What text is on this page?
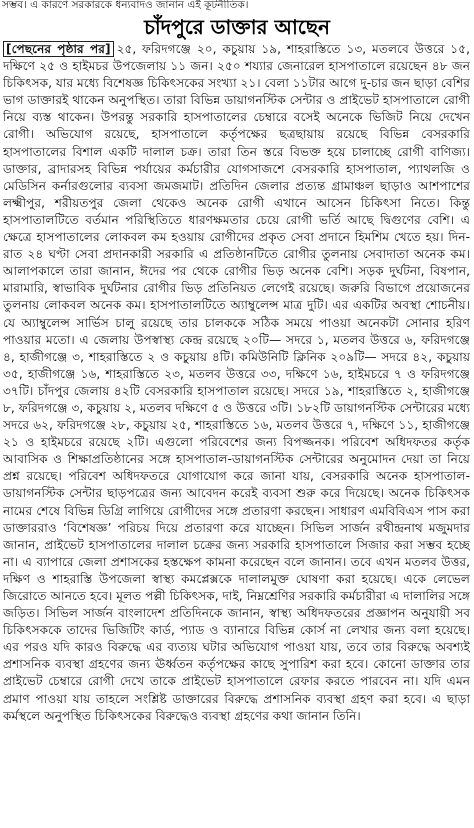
সম্ভব। এ কারণে সরকারকে ধন্যবাদও জানান এই কূটনীতিক।
চাঁদপুরে ডাক্তার আছেন

[পেছনের পৃষ্ঠার পর] ২৫, ফরিদগঞ্জে ২০, কচুয়ায় ১৯, শাহরাস্তিতে ১৩, মতলবে উত্তরে ১৫, দক্ষিণে ২৫ ও হাইমচর উপজেলায় ১১ জন। ২৫০ শয্যার জেনারেল হাসপাতালে রয়েছেন ৪৮ জন চিকিৎসক, যার মধ্যে বিশেষজ্ঞ চিকিৎসকের সংখ্যা ২১। বেলা ১১টার আগে দু-চার জন ছাড়া বেশির ভাগ ডাক্তারই থাকেন অনুপস্থিত। তারা বিভিন্ন ডায়াগনস্টিক সেন্টার ও প্রাইভেট হাসপাতালে রোগী নিয়ে ব্যস্ত থাকেন। উপরন্তু সরকারি হাসপাতালের চেম্বারে বসেই অনেকে ভিজিট নিয়ে দেখেন রোগী। অভিযোগ রয়েছে, হাসপাতালে কর্তৃপক্ষের ছত্রছায়ায় রয়েছে বিভিন্ন বেসরকারি হাসপাতালের বিশাল একটি দালাল চক্র। তারা তিন স্তরে বিভক্ত হয়ে চালাচ্ছে রোগী বাণিজ্য। ডাক্তার, ব্রাদারসহ বিভিন্ন পর্যায়ের কর্মচারীর যোগসাজশে বেসরকারি হাসপাতাল, প্যাথলজি ও মেডিসিন কর্নারগুলোর ব্যবসা জমজমাট। প্রতিদিন জেলার প্রত্যন্ত গ্রামাঞ্চল ছাড়াও আশপাশের লক্ষ্মীপুর, শরীয়তপুর জেলা থেকেও অনেক রোগী এখানে আসেন চিকিৎসা নিতে। কিন্তু হাসপাতালটিতে বর্তমান পরিস্থিতিতে ধারণক্ষমতার চেয়ে রোগী ভর্তি আছে দ্বিগুণের বেশি। এ ক্ষেত্রে হাসপাতালের লোকবল কম হওয়ায় রোগীদের প্রকৃত সেবা প্রদানে হিমশিম খেতে হয়। দিন-রাত ২৪ ঘণ্টা সেবা প্রদানকারী সরকারি এ প্রতিষ্ঠানটিতে রোগীর তুলনায় সেবাদাতা অনেক কম। আলাপকালে তারা জানান, ঈদের পর থেকে রোগীর ভিড় অনেক বেশি। সড়ক দুর্ঘটনা, বিষপান, মারামারি, স্বাভাবিক দুর্ঘটনার রোগীর ভিড় প্রতিনিয়ত লেগেই রয়েছে। জরুরি বিভাগে প্রয়োজনের তুলনায় লোকবল অনেক কম। হাসপাতালটিতে অ্যাম্বুলেন্স মাত্র দুটি। এর একটির অবস্থা শোচনীয়। যে অ্যাম্বুলেন্স সার্ভিস চালু রয়েছে তার চালককে সঠিক সময়ে পাওয়া অনেকটা সোনার হরিণ পাওয়ার মতো। এ জেলায় উপস্বাস্থ্য কেন্দ্র রয়েছে ২০টি— সদরে ১, মতলব উত্তরে ৬, ফরিদগঞ্জে ৪, হাজীগঞ্জে ৩, শাহরাস্তিতে ২ ও কচুয়ায় ৪টি। কমিউনিটি ক্লিনিক ২০৯টি— সদরে ৪২, কচুয়ায় ৩৫, হাজীগঞ্জে ১৬, শাহরাস্তিতে ২৩, মতলব উত্তরে ৩৩, দক্ষিণে ১৬, হাইমচরে ৭ ও ফরিদগঞ্জে ৩৭টি। চাঁদপুর জেলায় ৪২টি বেসরকারি হাসপাতাল রয়েছে। সদরে ১৯, শাহরাস্তিতে ২, হাজীগঞ্জে ৮, ফরিদগঞ্জে ৩, কচুয়ায় ২, মতলব দক্ষিণে ৫ ও উত্তরে ৩টি। ১৮২টি ডায়াগনস্টিক সেন্টারের মধ্যে সদরে ৬২, ফরিদগঞ্জে ২৮, কচুয়ায় ২৫, শাহরাস্তিতে ১৬, মতলব উত্তরে ৭, দক্ষিণে ১১, হাজীগঞ্জে ২১ ও হাইমচরে রয়েছে ২টি। এগুলো পরিবেশের জন্য বিপজ্জনক। পরিবেশ অধিদফতর কর্তৃক আবাসিক ও শিক্ষাপ্রতিষ্ঠানের সঙ্গে হাসপাতাল-ডায়াগনস্টিক সেন্টারের অনুমোদন দেয়া তা নিয়ে প্রশ্ন রয়েছে। পরিবেশ অধিদফতরে যোগাযোগ করে জানা যায়, বেসরকারি অনেক হাসপাতাল-ডায়াগনস্টিক সেন্টার ছাড়পত্রের জন্য আবেদন করেই ব্যবসা শুরু করে দিয়েছে। অনেক চিকিৎসক নামের শেষে বিভিন্ন ডিগ্রি লাগিয়ে রোগীদের সঙ্গে প্রতারণা করছেন। সাধারণ এমবিবিএস পাস করা ডাক্তাররাও ‘বিশেষজ্ঞ’ পরিচয় দিয়ে প্রতারণা করে যাচ্ছেন। সিভিল সার্জন রথীন্দ্রনাথ মজুমদার জানান, প্রাইভেট হাসপাতালের দালাল চক্রের জন্য সরকারি হাসপাতালে সিজার করা সম্ভব হচ্ছে না। এ ব্যাপারে জেলা প্রশাসকের হস্তক্ষেপ কামনা করেছেন বলে জানান। তবে এখন মতলব উত্তর, দক্ষিণ ও শাহরাস্তি উপজেলা স্বাস্থ্য কমপ্লেক্সকে দালালমুক্ত ঘোষণা করা হয়েছে। একে লেভেল জিরোতে আনতে হবে। মূলত পল্লী চিকিৎসক, দাই, নিম্নশ্রেণির সরকারি কর্মচারীরা এ দালালির সঙ্গে জড়িত। সিভিল সার্জন বাংলাদেশ প্রতিদিনকে জানান, স্বাস্থ্য অধিদফতরের প্রজ্ঞাপন অনুযায়ী সব চিকিৎসককে তাদের ভিজিটিং কার্ড, প্যাড ও ব্যানারে বিভিন্ন কোর্স না লেখার জন্য বলা হয়েছে। এর পরও যদি কারও বিরুদ্ধে এর ব্যত্যয় ঘটার অভিযোগ পাওয়া যায়, তবে তার বিরুদ্ধে অবশ্যই প্রশাসনিক ব্যবস্থা গ্রহণের জন্য ঊর্ধ্বতন কর্তৃপক্ষের কাছে সুপারিশ করা হবে। কোনো ডাক্তার তার প্রাইভেট চেম্বারে রোগী দেখে তাকে প্রাইভেট হাসপাতালে রেফার করতে পারবেন না। যদি এমন প্রমাণ পাওয়া যায় তাহলে সংশ্লিষ্ট ডাক্তারের বিরুদ্ধে প্রশাসনিক ব্যবস্থা গ্রহণ করা হবে। এ ছাড়া কর্মস্থলে অনুপস্থিত চিকিৎসকের বিরুদ্ধেও ব্যবস্থা গ্রহণের কথা জানান তিনি।
